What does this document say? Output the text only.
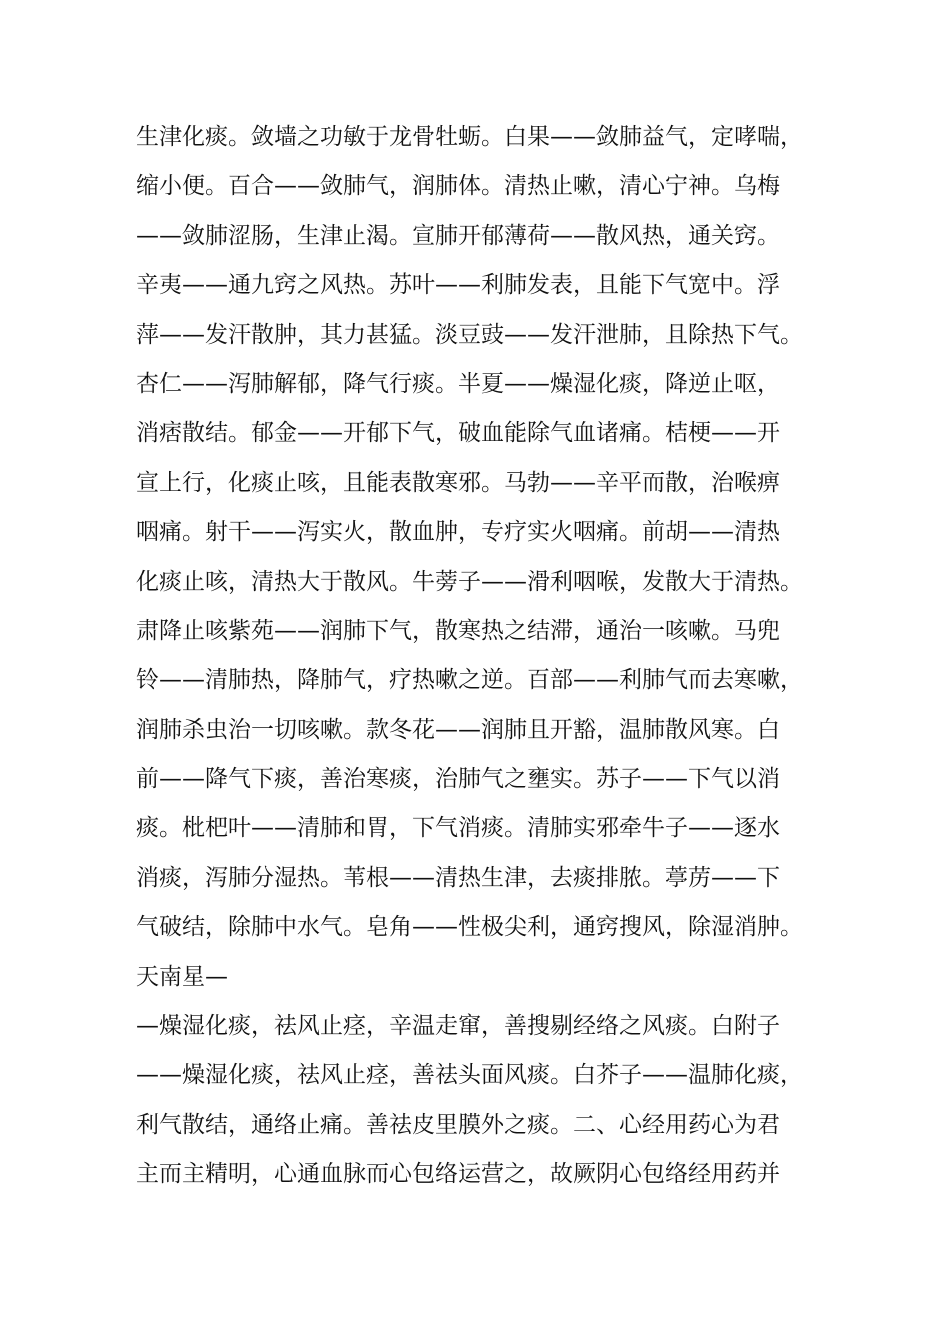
生津化痰。敛墙之功敏于龙骨牡蛎。白果——敛肺益气，定哮喘，
缩小便。百合——敛肺气，润肺体。清热止嗽，清心宁神。乌梅
——敛肺涩肠，生津止渴。宣肺开郁薄荷——散风热，通关窍。
辛夷——通九窍之风热。苏叶——利肺发表，且能下气宽中。浮
萍——发汗散肿，其力甚猛。淡豆豉——发汗泄肺，且除热下气。
杏仁——泻肺解郁，降气行痰。半夏——燥湿化痰，降逆止呕，
消痞散结。郁金——开郁下气，破血能除气血诸痛。桔梗——开
宣上行，化痰止咳，且能表散寒邪。马勃——辛平而散，治喉痹
咽痛。射干——泻实火，散血肿，专疗实火咽痛。前胡——清热
化痰止咳，清热大于散风。牛蒡子——滑利咽喉，发散大于清热。
肃降止咳紫苑——润肺下气，散寒热之结滞，通治一咳嗽。马兜
铃——清肺热，降肺气，疗热嗽之逆。百部——利肺气而去寒嗽，
润肺杀虫治一切咳嗽。款冬花——润肺且开豁，温肺散风寒。白
前——降气下痰，善治寒痰，治肺气之壅实。苏子——下气以消
痰。枇杷叶——清肺和胃，下气消痰。清肺实邪牵牛子——逐水
消痰，泻肺分湿热。苇根——清热生津，去痰排脓。葶苈——下
气破结，除肺中水气。皂角——性极尖利，通窍搜风，除湿消肿。
天南星—
—燥湿化痰，祛风止痉，辛温走窜，善搜剔经络之风痰。白附子
——燥湿化痰，祛风止痉，善祛头面风痰。白芥子——温肺化痰，
利气散结，通络止痛。善祛皮里膜外之痰。二、心经用药心为君
主而主精明，心通血脉而心包络运营之，故厥阴心包络经用药并
